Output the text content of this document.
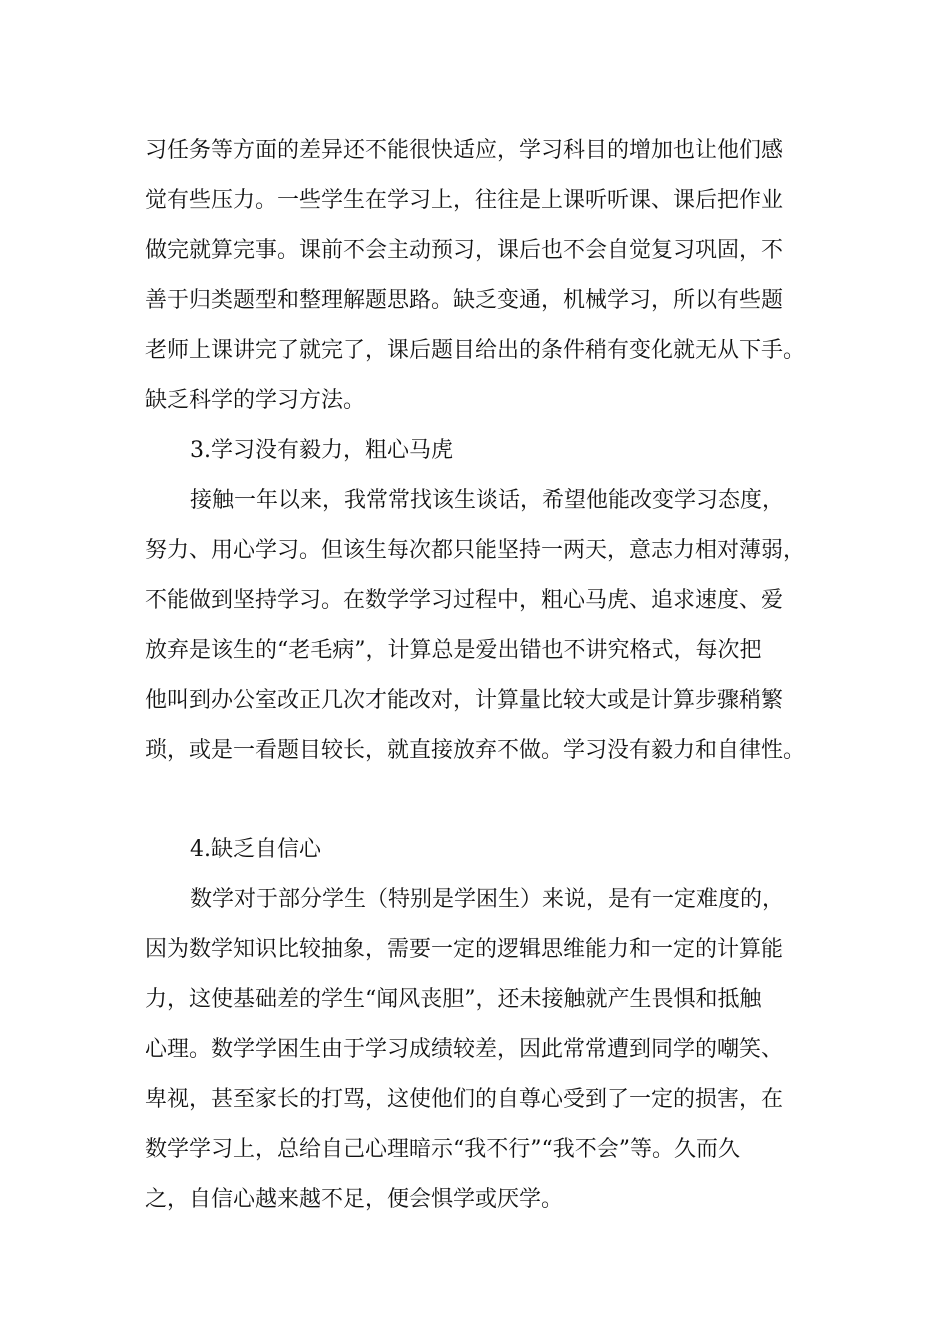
习任务等方面的差异还不能很快适应，学习科目的增加也让他们感

觉有些压力。一些学生在学习上，往往是上课听听课、课后把作业

做完就算完事。课前不会主动预习，课后也不会自觉复习巩固，不

善于归类题型和整理解题思路。缺乏变通，机械学习，所以有些题

老师上课讲完了就完了，课后题目给出的条件稍有变化就无从下手。

缺乏科学的学习方法。

3.学习没有毅力，粗心马虎

接触一年以来，我常常找该生谈话，希望他能改变学习态度，

努力、用心学习。但该生每次都只能坚持一两天，意志力相对薄弱，

不能做到坚持学习。在数学学习过程中，粗心马虎、追求速度、爱

放弃是该生的“老毛病”，计算总是爱出错也不讲究格式，每次把

他叫到办公室改正几次才能改对，计算量比较大或是计算步骤稍繁

琐，或是一看题目较长，就直接放弃不做。学习没有毅力和自律性。

4.缺乏自信心

数学对于部分学生（特别是学困生）来说，是有一定难度的，

因为数学知识比较抽象，需要一定的逻辑思维能力和一定的计算能

力，这使基础差的学生“闻风丧胆”，还未接触就产生畏惧和抵触

心理。数学学困生由于学习成绩较差，因此常常遭到同学的嘲笑、

卑视，甚至家长的打骂，这使他们的自尊心受到了一定的损害，在

数学学习上，总给自己心理暗示“我不行”“我不会”等。久而久

之，自信心越来越不足，便会惧学或厌学。
